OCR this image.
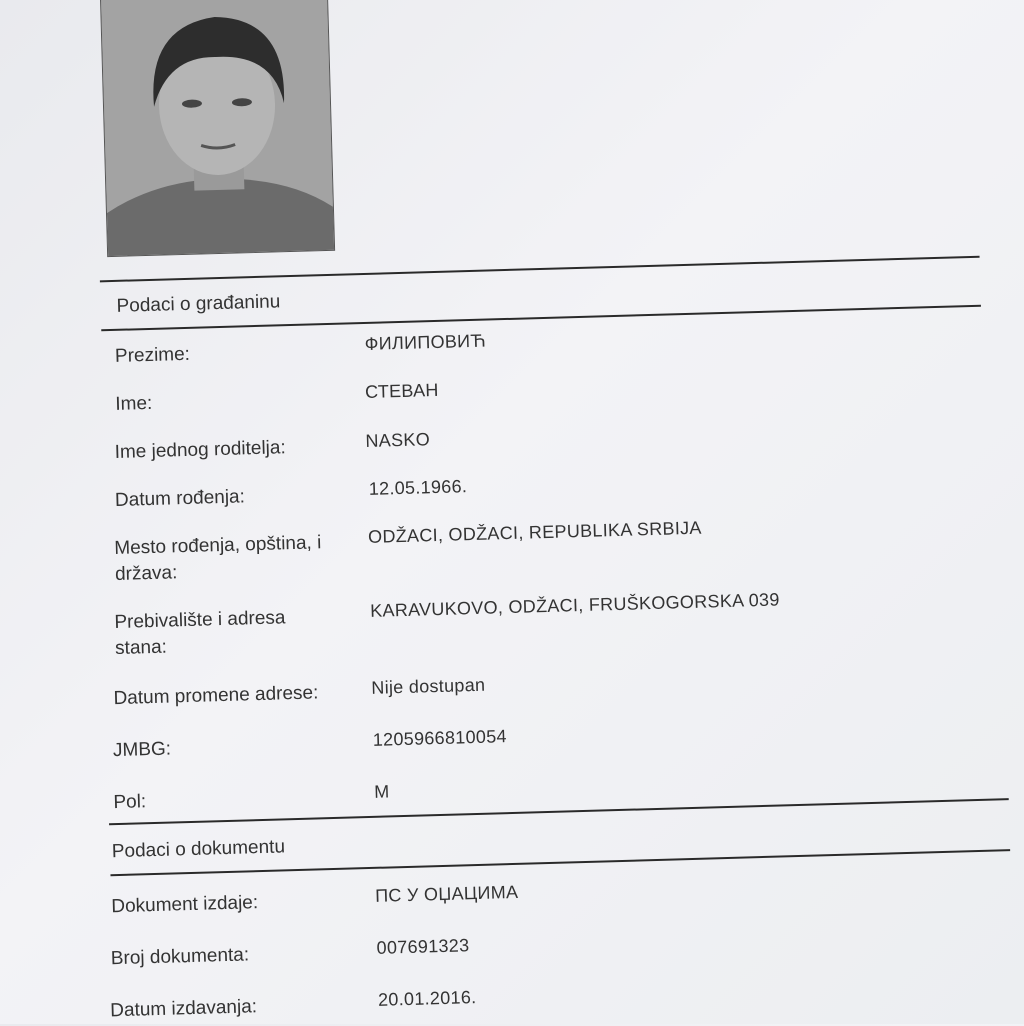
Podaci o građaninu
Prezime:
ФИЛИПОВИЋ
Ime:
СТЕВАН
Ime jednog roditelja:	NASKO
Datum rođenja:	12.05.1966.
Mesto rođenja, opština, i
država:
ODŽACI, ODŽACI, REPUBLIKA SRBIJA
Prebivalište i adresa
stana:
KARAVUKOVO, ODŽACI, FRUŠKOGORSKA 039
Datum promene adrese:	Nije dostupan
JMBG:	1205966810054
Pol:	M
Podaci o dokumentu
Dokument izdaje:	ПС У ОЏАЦИМА
Broj dokumenta:	007691323
Datum izdavanja:	20.01.2016.
